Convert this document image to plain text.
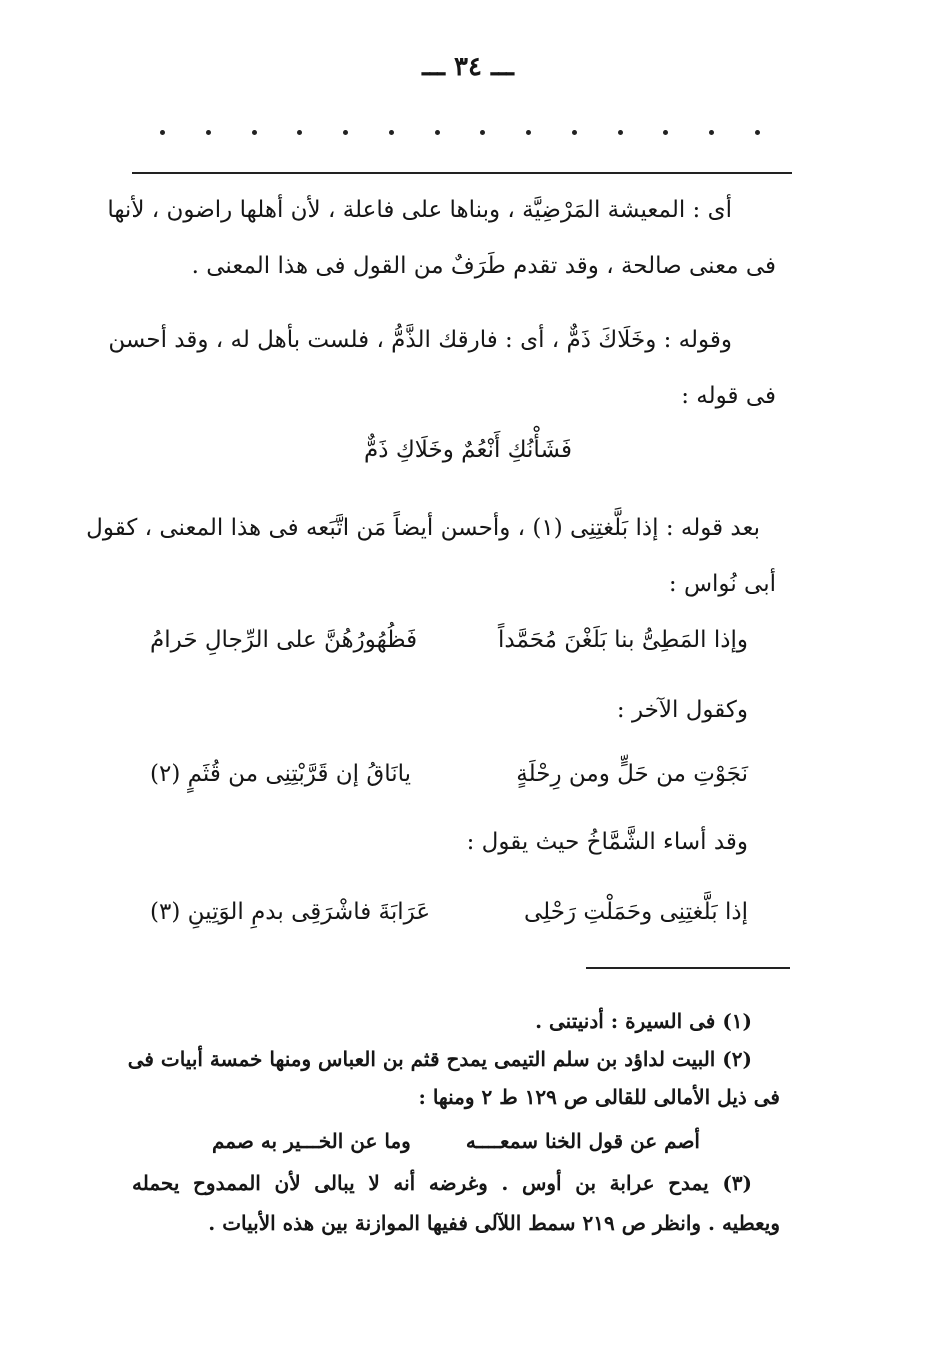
ـــ ٣٤ ـــ
أى : المعيشة المَرْضِيَّة ، وبناها على فاعلة ، لأن أهلها راضون ، لأنها
فى معنى صالحة ، وقد تقدم طَرَفٌ من القول فى هذا المعنى .
وقوله : وخَلَاكَ ذَمٌّ ، أى : فارقك الذَّمُّ ، فلست بأهل له ، وقد أحسن
فى قوله :
فَشَأْنُكِ أَنْعُمٌ وخَلَاكِ ذَمٌّ
بعد قوله : إذا بَلَّغتِنِى (١) ، وأحسن أيضاً مَن اتَّبَعه فى هذا المعنى ، كقول
أبى نُواس :
وإذا المَطِىُّ بنا بَلَغْنَ مُحَمَّداً
فَظُهُورُهُنَّ على الرِّجالِ حَرامُ
وكقول الآخر :
يانَاقُ إن قَرَّبْتِنِى من قُثَمٍ (٢)	نَجَوْتِ من حَلٍّ ومن رِحْلَةٍ
وقد أساء الشَّمَّاخُ حيث يقول :
إذا بَلَّغتِنِى وحَمَلْتِ رَحْلِى
عَرَابَةَ فاشْرَقِى بدمِ الوَتِينِ (٣)
(١) فى السيرة : أدنيتنى .
(٢) البيت لداؤد بن سلم التيمى يمدح قثم بن العباس ومنها خمسة أبيات فى
فى ذيل الأمالى للقالى ص ١٢٩ ط ٢ ومنها :
أصم عن قول الخنا سمعــــه
وما عن الخـــير به صمم
(٣) يمدح عرابة بن أوس . وغرضه أنه لا يبالى لأن الممدوح يحمله
ويعطيه . وانظر ص ٢١٩ سمط اللآلى ففيها الموازنة بين هذه الأبيات .
